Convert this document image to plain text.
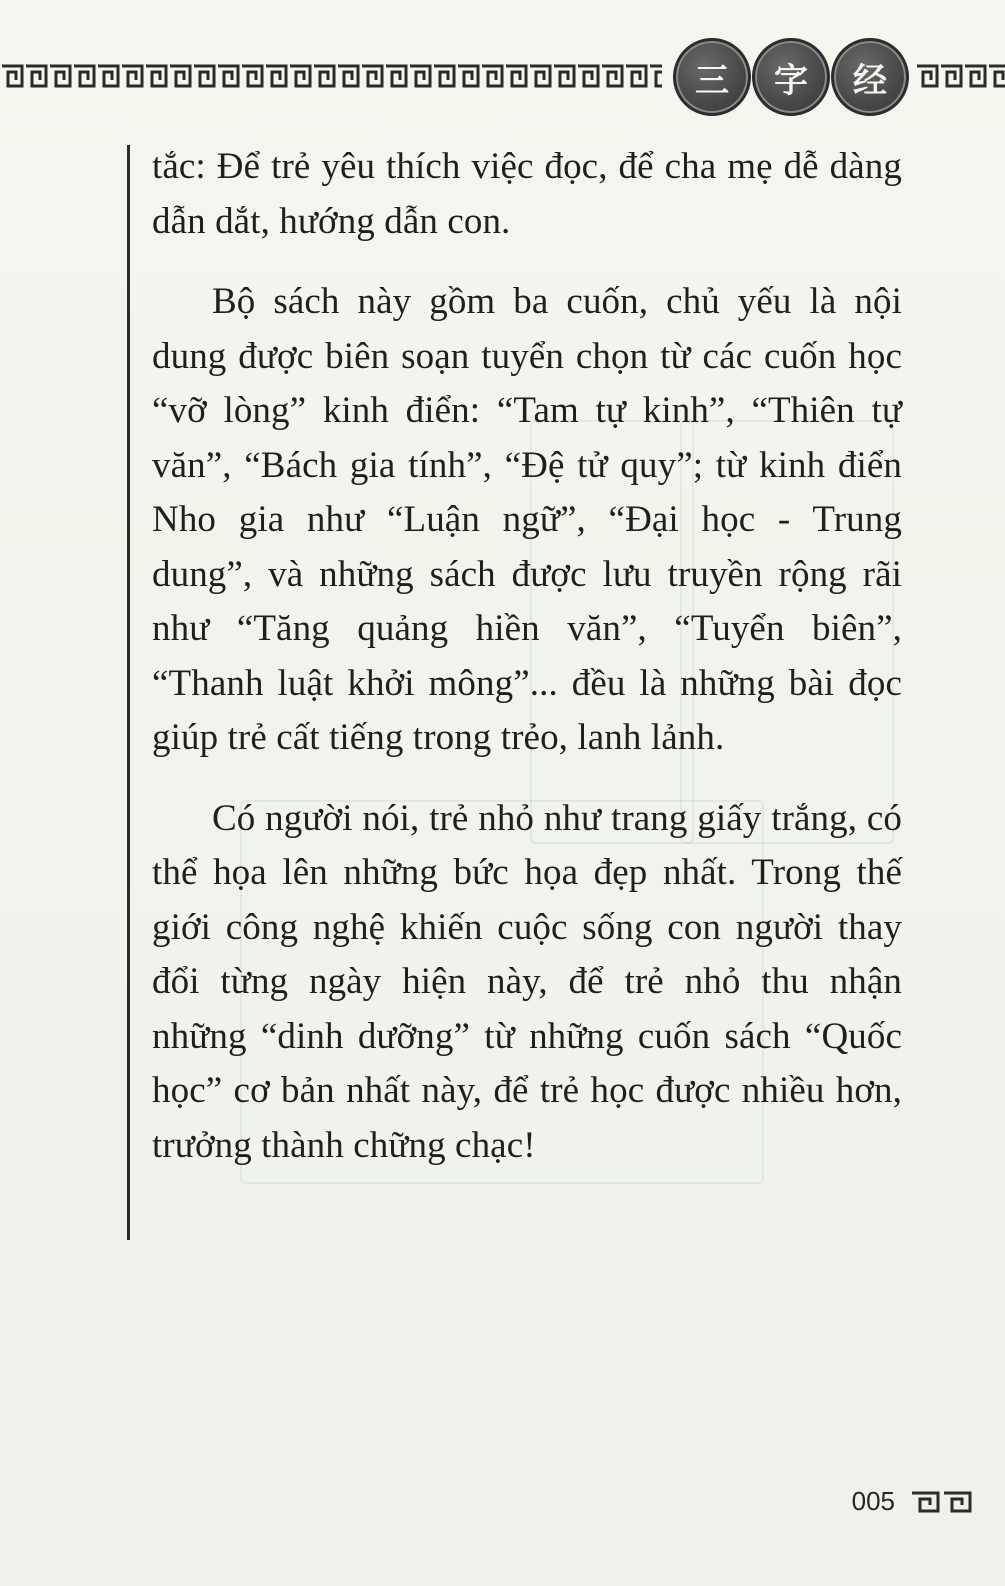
三	字	经

tắc: Để trẻ yêu thích việc đọc, để cha mẹ dễ dàng dẫn dắt, hướng dẫn con.

Bộ sách này gồm ba cuốn, chủ yếu là nội dung được biên soạn tuyển chọn từ các cuốn học “vỡ lòng” kinh điển: “Tam tự kinh”, “Thiên tự văn”, “Bách gia tính”, “Đệ tử quy”; từ kinh điển Nho gia như “Luận ngữ”, “Đại học - Trung dung”, và những sách được lưu truyền rộng rãi như “Tăng quảng hiền văn”, “Tuyển biên”, “Thanh luật khởi mông”... đều là những bài đọc giúp trẻ cất tiếng trong trẻo, lanh lảnh.

Có người nói, trẻ nhỏ như trang giấy trắng, có thể họa lên những bức họa đẹp nhất. Trong thế giới công nghệ khiến cuộc sống con người thay đổi từng ngày hiện này, để trẻ nhỏ thu nhận những “dinh dưỡng” từ những cuốn sách “Quốc học” cơ bản nhất này, để trẻ học được nhiều hơn, trưởng thành chững chạc!

005
